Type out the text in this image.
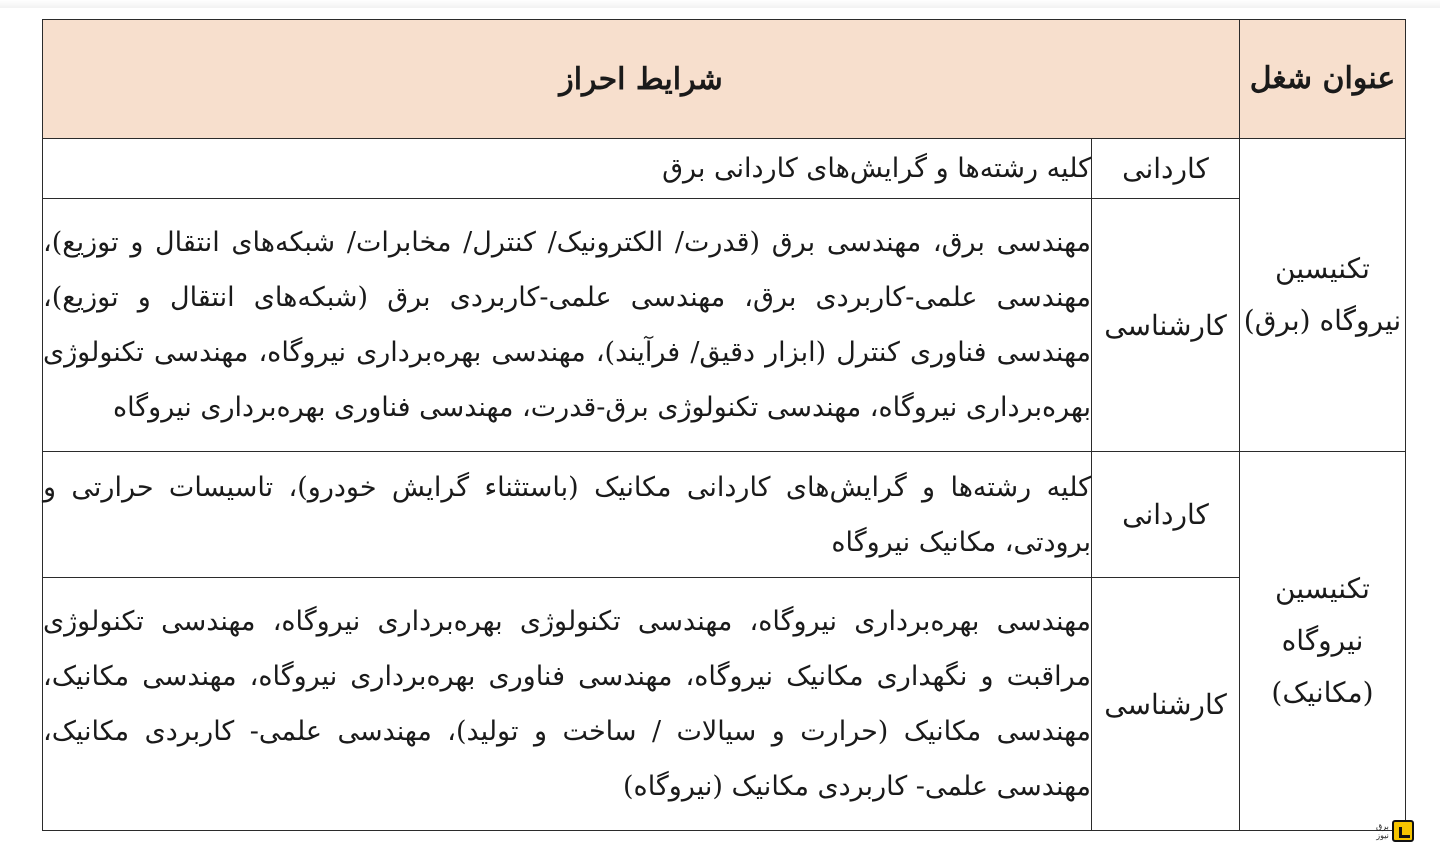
عنوان شغل	شرایط احراز	
تکنیسین نیروگاه (برق)	کاردانی	کلیه رشته‌ها و گرایش‌های کاردانی برق
	کارشناسی	مهندسی برق، مهندسی برق (قدرت/ الکترونیک/ کنترل/ مخابرات/ شبکه‌های انتقال و توزیع)، مهندسی علمی-کاربردی برق، مهندسی علمی-کاربردی برق (شبکه‌های انتقال و توزیع)، مهندسی فناوری کنترل (ابزار دقیق/ فرآیند)، مهندسی بهره‌برداری نیروگاه، مهندسی تکنولوژی بهره‌برداری نیروگاه، مهندسی تکنولوژی برق-قدرت، مهندسی فناوری بهره‌برداری نیروگاه
تکنیسین نیروگاه (مکانیک)	کاردانی	کلیه رشته‌ها و گرایش‌های کاردانی مکانیک (باستثناء گرایش خودرو)، تاسیسات حرارتی و برودتی، مکانیک نیروگاه
	کارشناسی	مهندسی بهره‌برداری نیروگاه، مهندسی تکنولوژی بهره‌برداری نیروگاه، مهندسی تکنولوژی مراقبت و نگهداری مکانیک نیروگاه، مهندسی فناوری بهره‌برداری نیروگاه، مهندسی مکانیک، مهندسی مکانیک (حرارت و سیالات / ساخت و تولید)، مهندسی علمی- کاربردی مکانیک، مهندسی علمی- کاربردی مکانیک (نیروگاه)
برق
نیوز
